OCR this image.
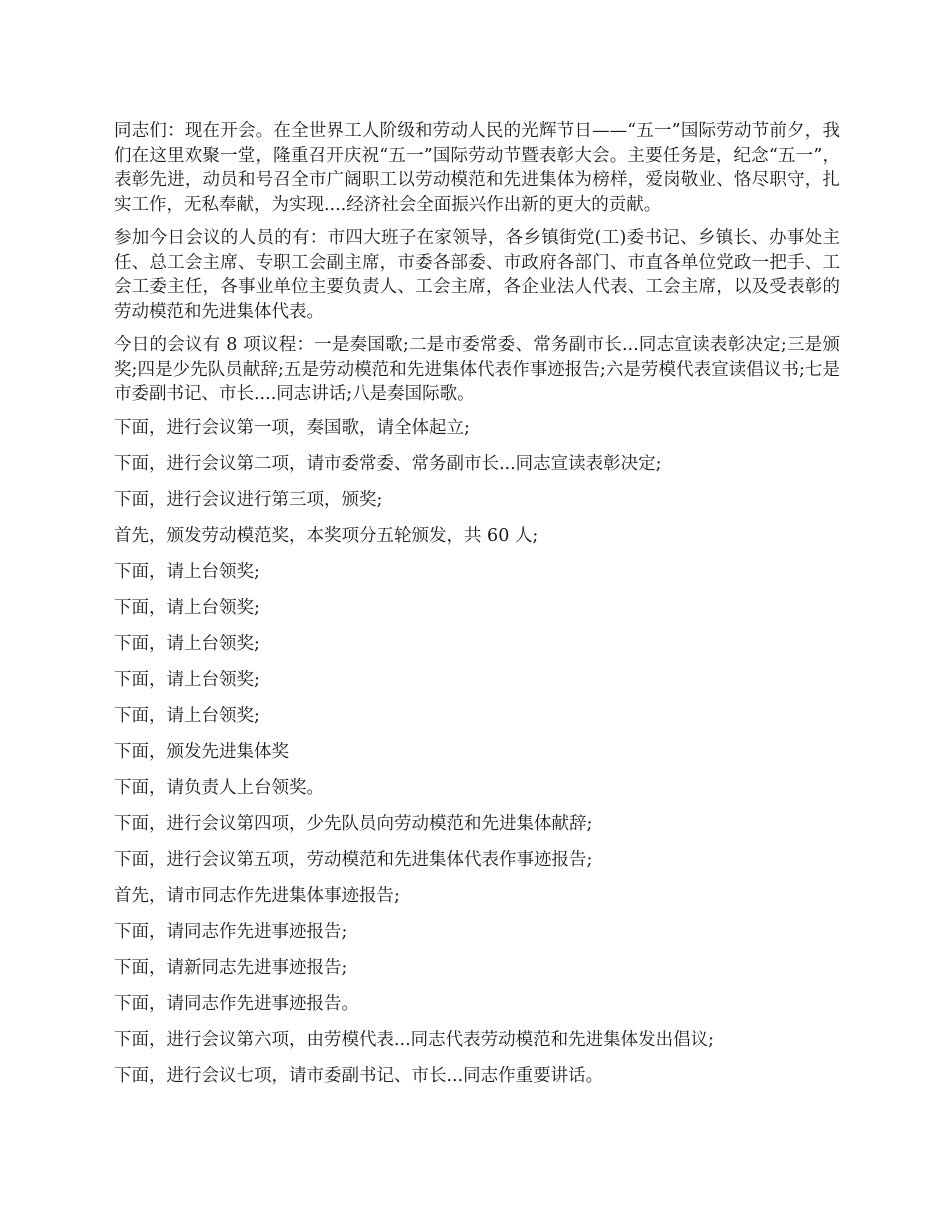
同志们：现在开会。在全世界工人阶级和劳动人民的光辉节日——“五一”国际劳动节前夕，我们在这里欢聚一堂，隆重召开庆祝“五一”国际劳动节暨表彰大会。主要任务是，纪念“五一”，表彰先进，动员和号召全市广阔职工以劳动模范和先进集体为榜样，爱岗敬业、恪尽职守，扎实工作，无私奉献，为实现....经济社会全面振兴作出新的更大的贡献。

参加今日会议的人员的有：市四大班子在家领导，各乡镇街党(工)委书记、乡镇长、办事处主任、总工会主席、专职工会副主席，市委各部委、市政府各部门、市直各单位党政一把手、工会工委主任，各事业单位主要负责人、工会主席，各企业法人代表、工会主席，以及受表彰的劳动模范和先进集体代表。

今日的会议有 8 项议程：一是奏国歌;二是市委常委、常务副市长...同志宣读表彰决定;三是颁奖;四是少先队员献辞;五是劳动模范和先进集体代表作事迹报告;六是劳模代表宣读倡议书;七是市委副书记、市长....同志讲话;八是奏国际歌。

下面，进行会议第一项，奏国歌，请全体起立;

下面，进行会议第二项，请市委常委、常务副市长...同志宣读表彰决定;

下面，进行会议进行第三项，颁奖;

首先，颁发劳动模范奖，本奖项分五轮颁发，共 60 人;

下面，请上台领奖;

下面，请上台领奖;

下面，请上台领奖;

下面，请上台领奖;

下面，请上台领奖;

下面，颁发先进集体奖

下面，请负责人上台领奖。

下面，进行会议第四项，少先队员向劳动模范和先进集体献辞;

下面，进行会议第五项，劳动模范和先进集体代表作事迹报告;

首先，请市同志作先进集体事迹报告;

下面，请同志作先进事迹报告;

下面，请新同志先进事迹报告;

下面，请同志作先进事迹报告。

下面，进行会议第六项，由劳模代表...同志代表劳动模范和先进集体发出倡议;

下面，进行会议七项，请市委副书记、市长...同志作重要讲话。
